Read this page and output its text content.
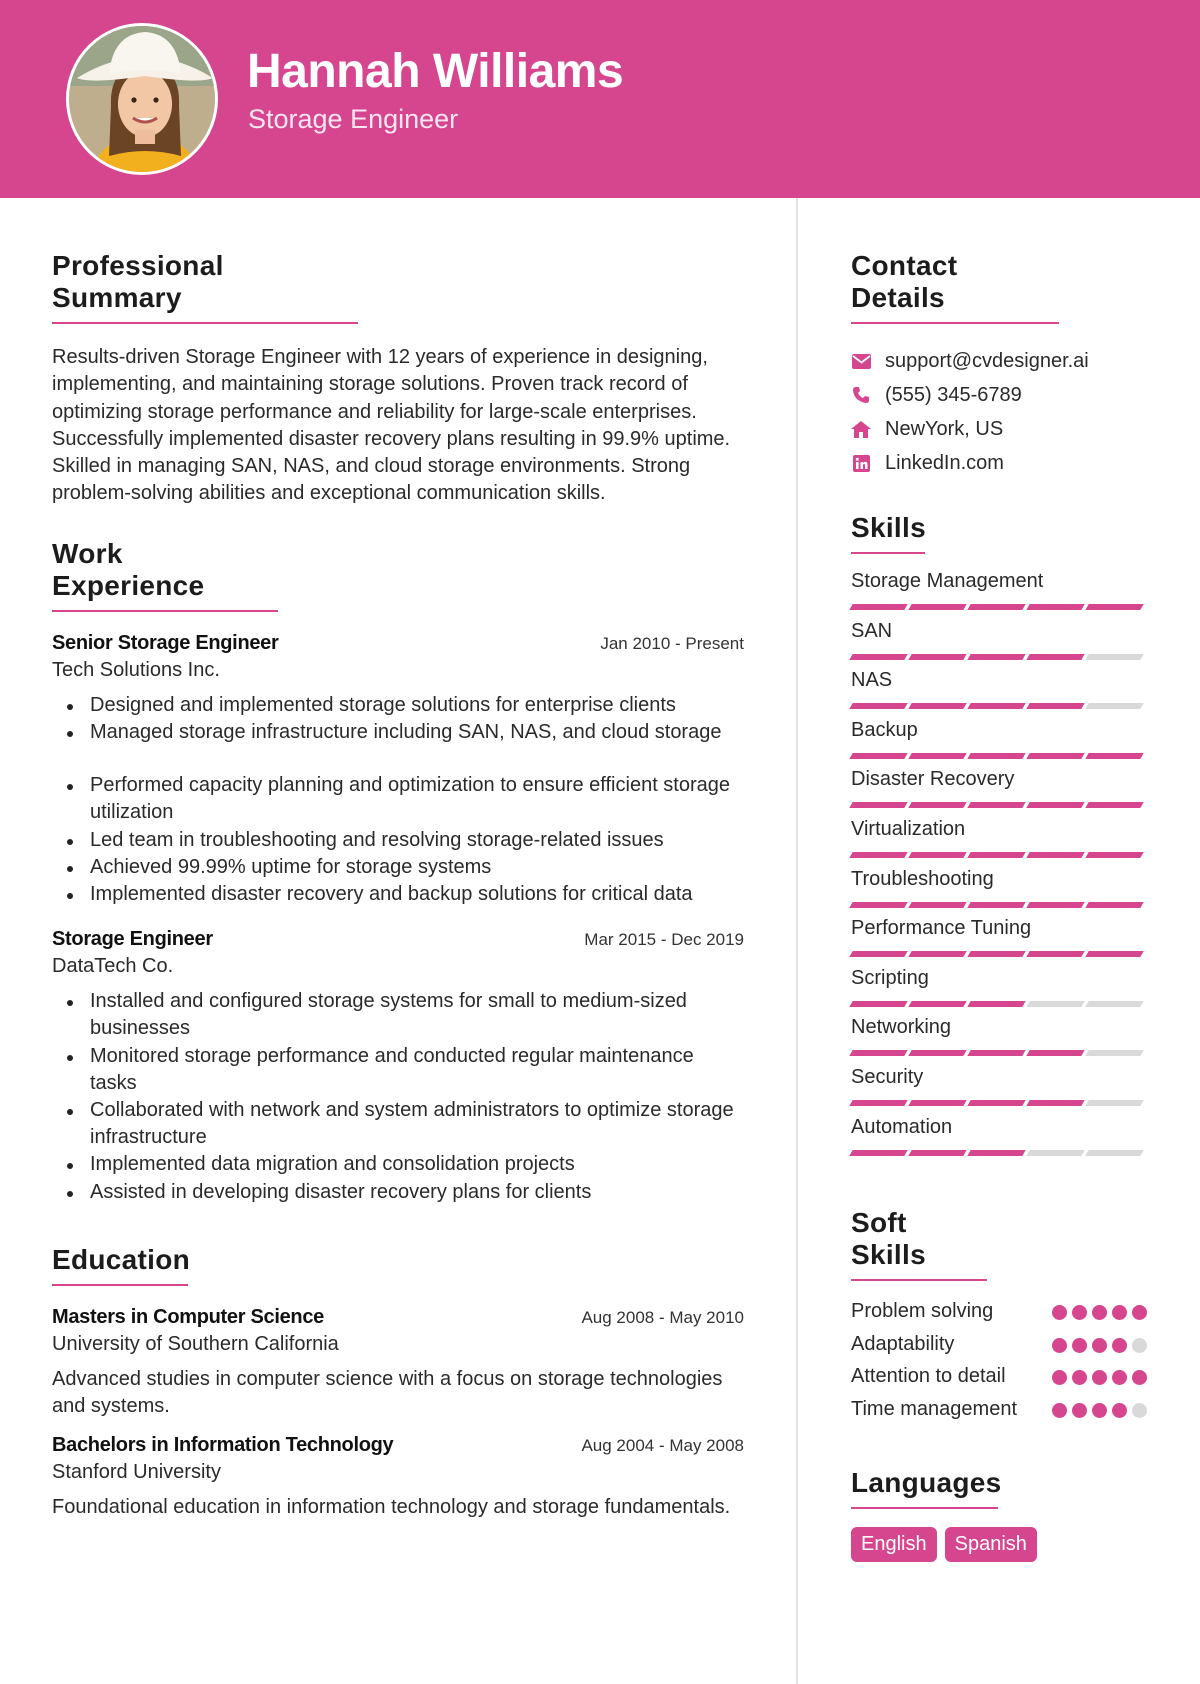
Hannah Williams
Storage Engineer
Professional Summary

Results-driven Storage Engineer with 12 years of experience in designing, implementing, and maintaining storage solutions. Proven track record of optimizing storage performance and reliability for large-scale enterprises. Successfully implemented disaster recovery plans resulting in 99.9% uptime. Skilled in managing SAN, NAS, and cloud storage environments. Strong problem-solving abilities and exceptional communication skills.

Work Experience
Senior Storage Engineer	Jan 2010 - Present
Tech Solutions Inc.
Designed and implemented storage solutions for enterprise clients
Managed storage infrastructure including SAN, NAS, and cloud storage
Performed capacity planning and optimization to ensure efficient storage utilization
Led team in troubleshooting and resolving storage-related issues
Achieved 99.99% uptime for storage systems
Implemented disaster recovery and backup solutions for critical data
Storage Engineer	Mar 2015 - Dec 2019
DataTech Co.
Installed and configured storage systems for small to medium-sized businesses
Monitored storage performance and conducted regular maintenance tasks
Collaborated with network and system administrators to optimize storage infrastructure
Implemented data migration and consolidation projects
Assisted in developing disaster recovery plans for clients
Education
Masters in Computer Science	Aug 2008 - May 2010
University of Southern California

Advanced studies in computer science with a focus on storage technologies and systems.

Bachelors in Information Technology	Aug 2004 - May 2008
Stanford University

Foundational education in information technology and storage fundamentals.

Contact Details
support@cvdesigner.ai
(555) 345-6789
NewYork, US
LinkedIn.com
Skills
Storage Management
SAN
NAS
Backup
Disaster Recovery
Virtualization
Troubleshooting
Performance Tuning
Scripting
Networking
Security
Automation
Soft Skills
Problem solving
Adaptability
Attention to detail
Time management
Languages
English	Spanish
